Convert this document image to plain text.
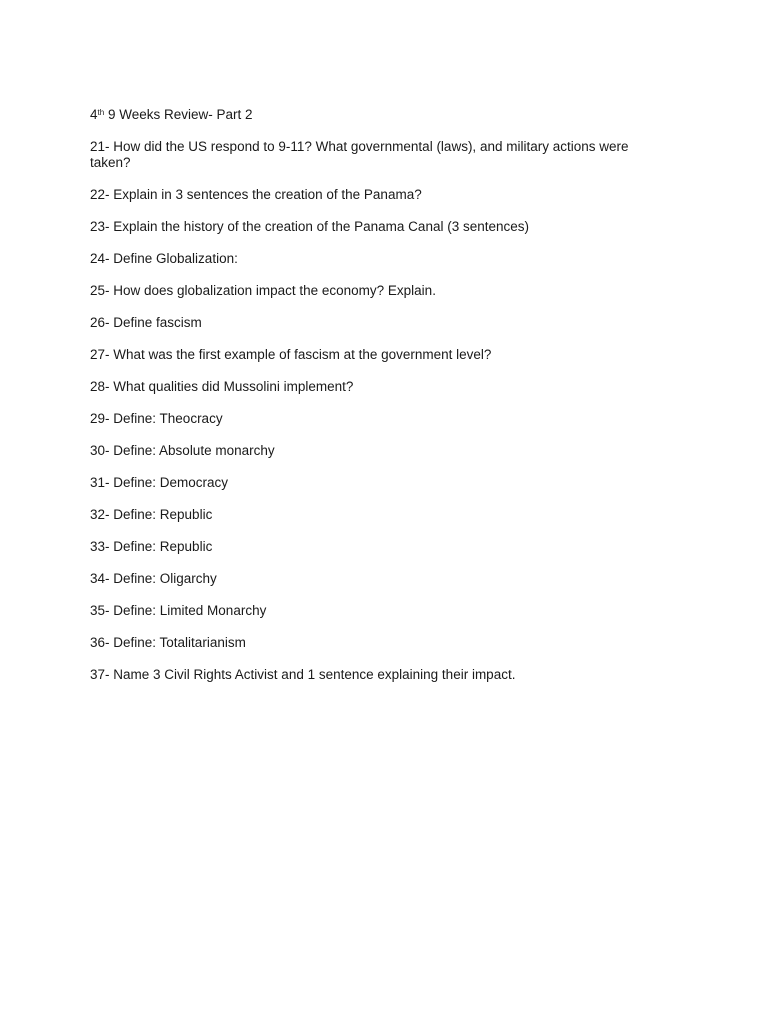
4th 9 Weeks Review- Part 2
21- How did the US respond to 9-11? What governmental (laws), and military actions were taken?
22- Explain in 3 sentences the creation of the Panama?
23- Explain the history of the creation of the Panama Canal (3 sentences)
24- Define Globalization:
25- How does globalization impact the economy? Explain.
26- Define fascism
27- What was the first example of fascism at the government level?
28- What qualities did Mussolini implement?
29- Define: Theocracy
30- Define: Absolute monarchy
31- Define: Democracy
32- Define: Republic
33- Define: Republic
34- Define: Oligarchy
35- Define: Limited Monarchy
36- Define: Totalitarianism
37- Name 3 Civil Rights Activist and 1 sentence explaining their impact.
